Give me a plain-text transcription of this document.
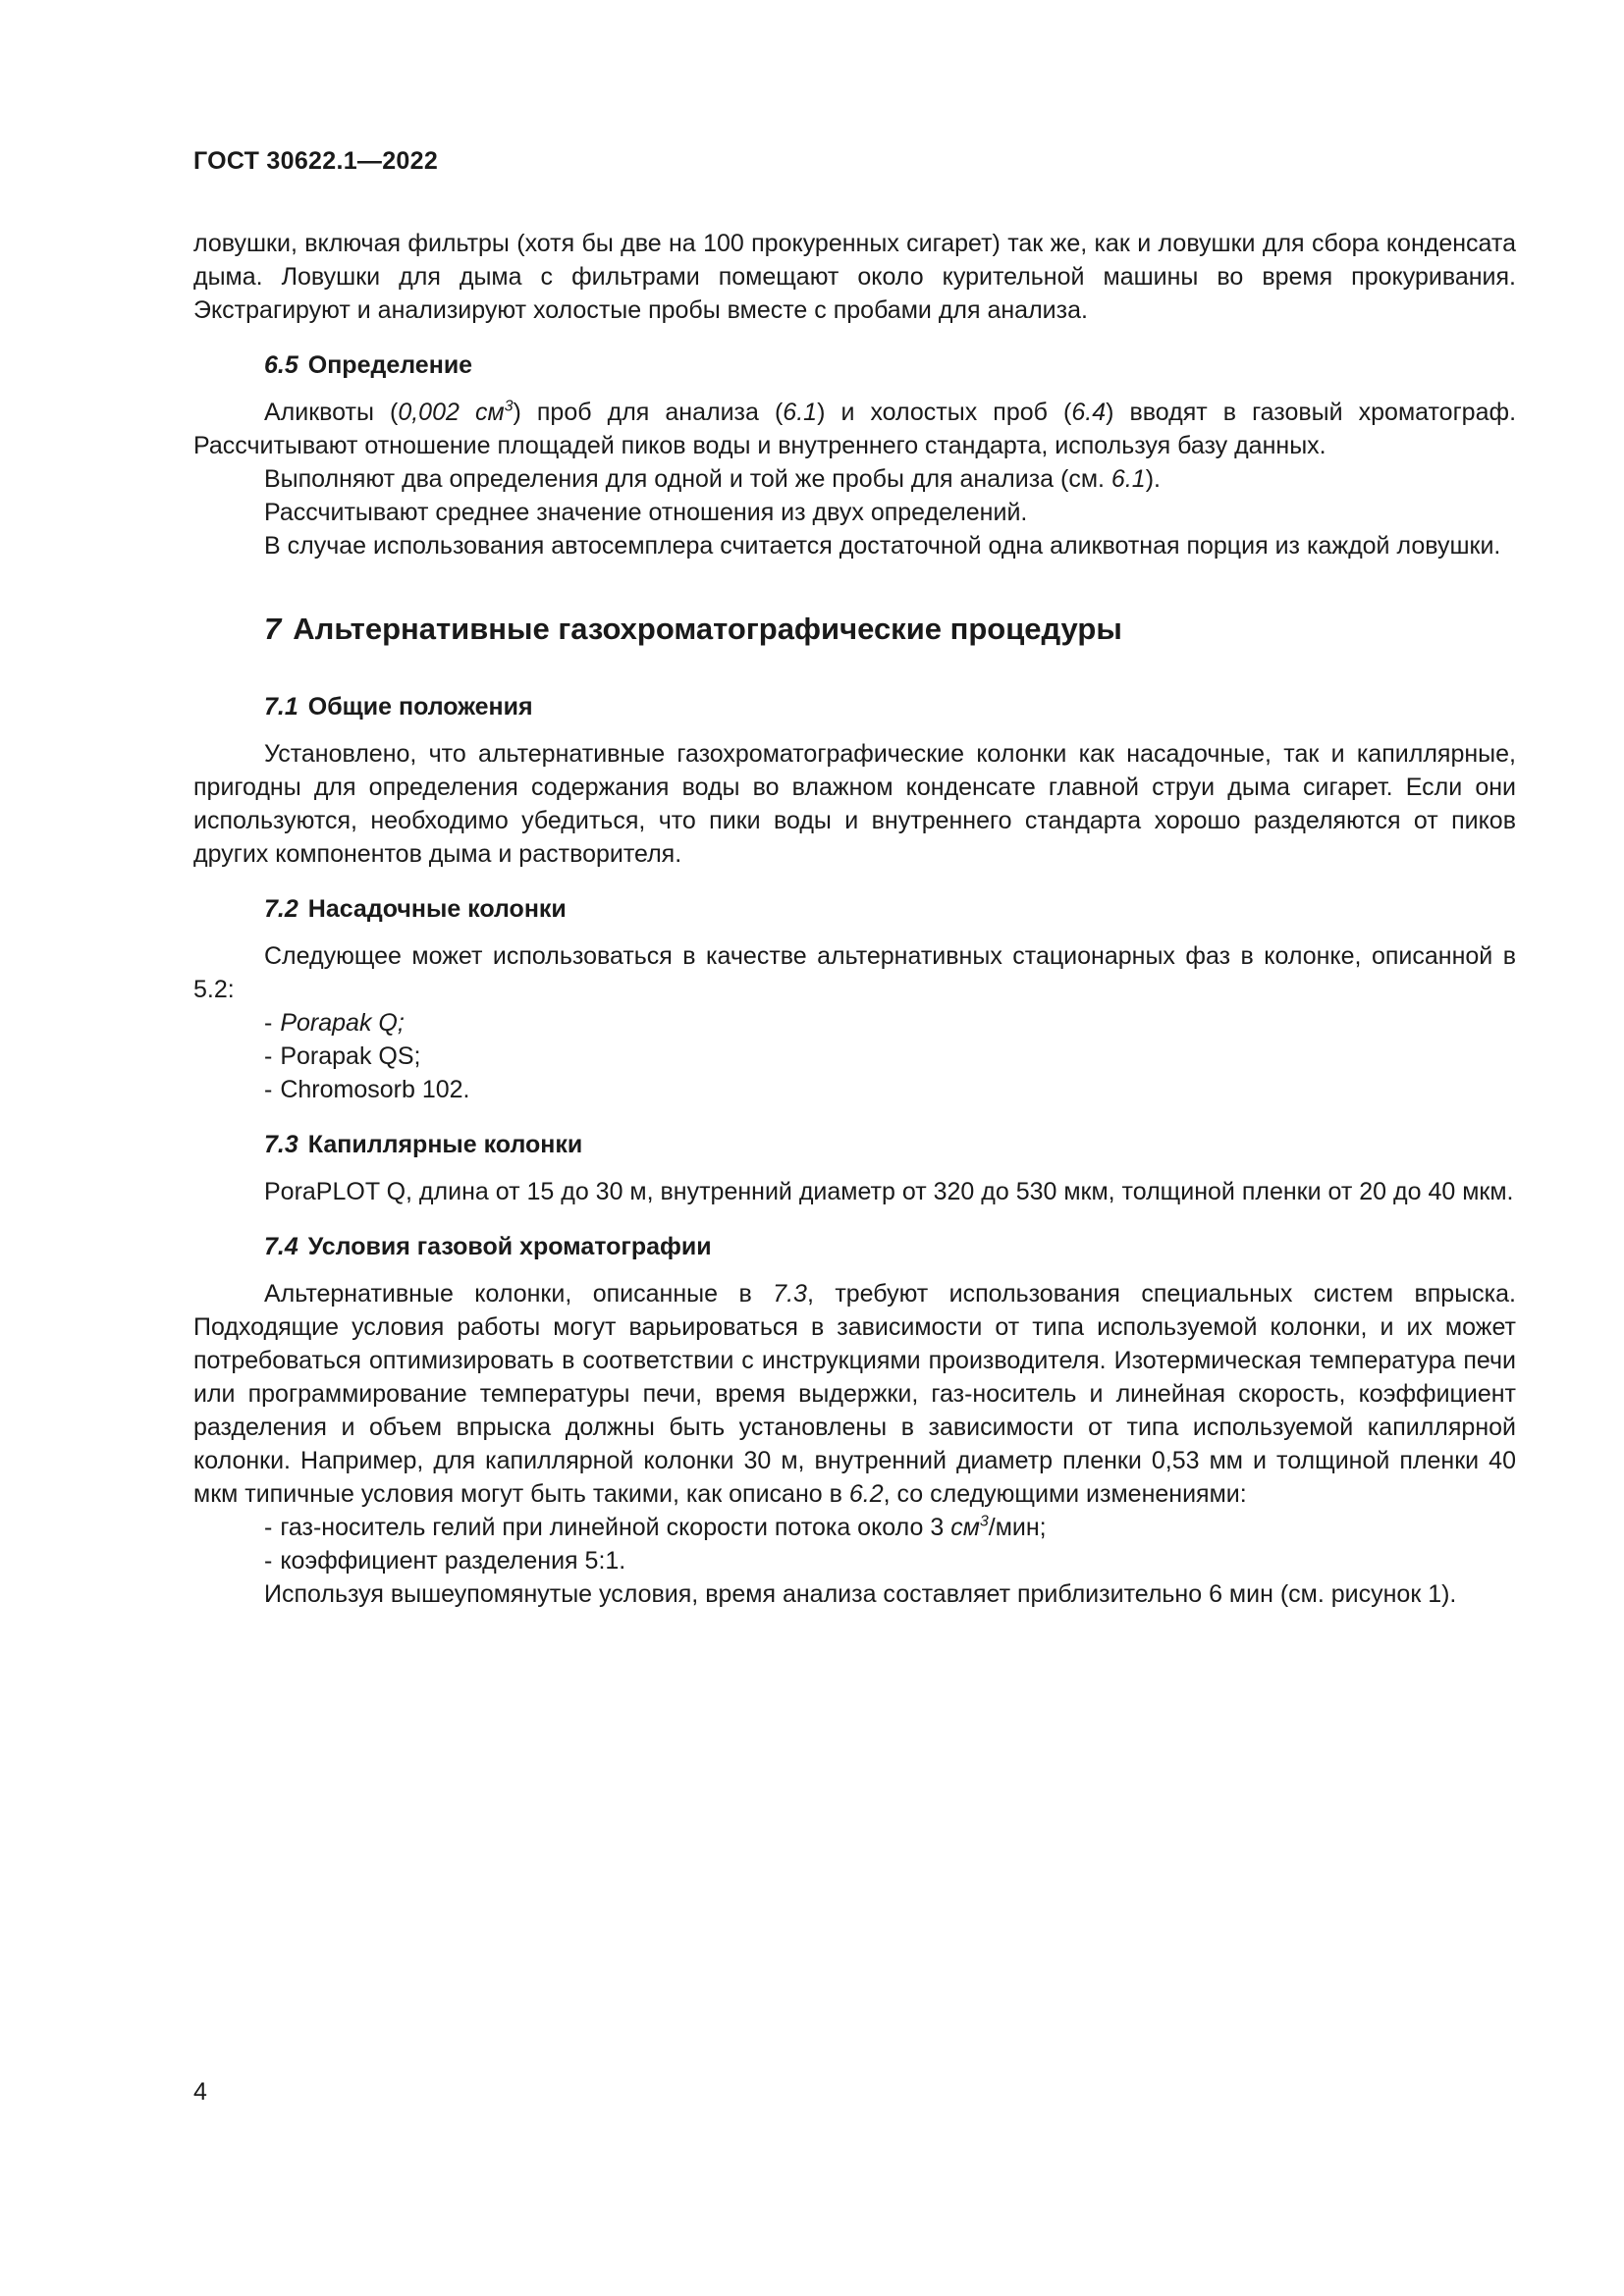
ГОСТ 30622.1—2022

ловушки, включая фильтры (хотя бы две на 100 прокуренных сигарет) так же, как и ловушки для сбора конденсата дыма. Ловушки для дыма с фильтрами помещают около курительной машины во время прокуривания. Экстрагируют и анализируют холостые пробы вместе с пробами для анализа.

6.5 Определение

Аликвоты (0,002 $см^3$) проб для анализа (6.1) и холостых проб (6.4) вводят в газовый хроматограф. Рассчитывают отношение площадей пиков воды и внутреннего стандарта, используя базу данных.

Выполняют два определения для одной и той же пробы для анализа (см. 6.1).

Рассчитывают среднее значение отношения из двух определений.

В случае использования автосемплера считается достаточной одна аликвотная порция из каждой ловушки.

7 Альтернативные газохроматографические процедуры
7.1 Общие положения

Установлено, что альтернативные газохроматографические колонки как насадочные, так и капиллярные, пригодны для определения содержания воды во влажном конденсате главной струи дыма сигарет. Если они используются, необходимо убедиться, что пики воды и внутреннего стандарта хорошо разделяются от пиков других компонентов дыма и растворителя.

7.2 Насадочные колонки

Следующее может использоваться в качестве альтернативных стационарных фаз в колонке, описанной в 5.2:

- Porapak Q;
- Porapak QS;
- Chromosorb 102.
7.3 Капиллярные колонки

PoraPLOT Q, длина от 15 до 30 м, внутренний диаметр от 320 до 530 мкм, толщиной пленки от 20 до 40 мкм.

7.4 Условия газовой хроматографии

Альтернативные колонки, описанные в 7.3, требуют использования специальных систем впрыска. Подходящие условия работы могут варьироваться в зависимости от типа используемой колонки, и их может потребоваться оптимизировать в соответствии с инструкциями производителя. Изотермическая температура печи или программирование температуры печи, время выдержки, газ-носитель и линейная скорость, коэффициент разделения и объем впрыска должны быть установлены в зависимости от типа используемой капиллярной колонки. Например, для капиллярной колонки 30 м, внутренний диаметр пленки 0,53 мм и толщиной пленки 40 мкм типичные условия могут быть такими, как описано в 6.2, со следующими изменениями:

- газ-носитель гелий при линейной скорости потока около 3 $см^3$/мин;
- коэффициент разделения 5:1.

Используя вышеупомянутые условия, время анализа составляет приблизительно 6 мин (см. рисунок 1).

4
